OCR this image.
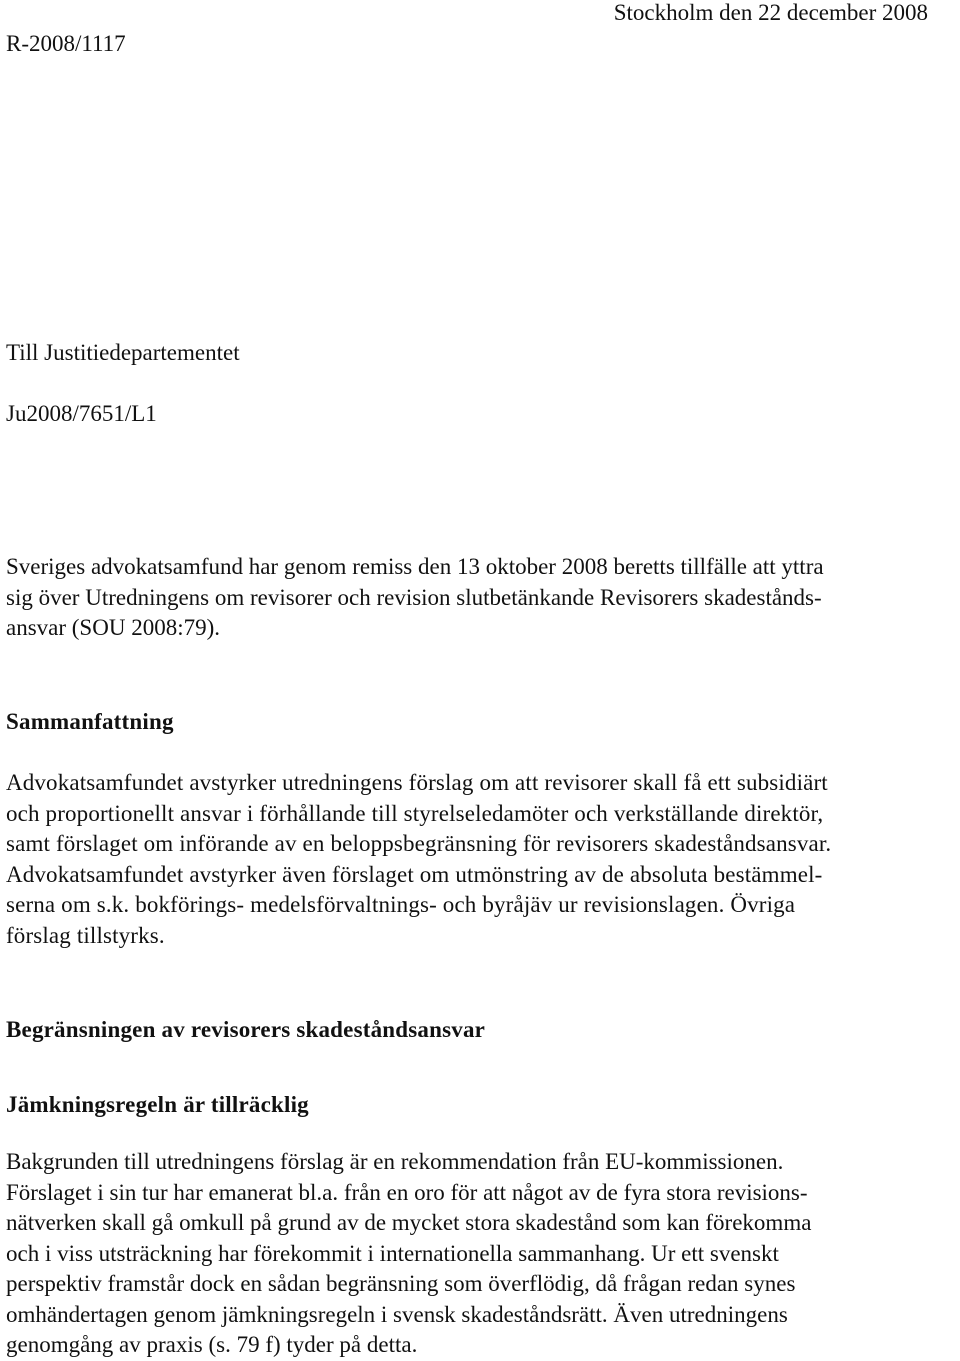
Stockholm den 22 december 2008

R-2008/1117

Till Justitiedepartementet

Ju2008/7651/L1

Sveriges advokatsamfund har genom remiss den 13 oktober 2008 beretts tillfälle att yttra
sig över Utredningens om revisorer och revision slutbetänkande Revisorers skadestånds-
ansvar (SOU 2008:79).
Sammanfattning
Advokatsamfundet avstyrker utredningens förslag om att revisorer skall få ett subsidiärt
och proportionellt ansvar i förhållande till styrelseledamöter och verkställande direktör,
samt förslaget om införande av en beloppsbegränsning för revisorers skadeståndsansvar.
Advokatsamfundet avstyrker även förslaget om utmönstring av de absoluta bestämmel-
serna om s.k. bokförings- medelsförvaltnings- och byråjäv ur revisionslagen. Övriga
förslag tillstyrks.
Begränsningen av revisorers skadeståndsansvar
Jämkningsregeln är tillräcklig
Bakgrunden till utredningens förslag är en rekommendation från EU-kommissionen.
Förslaget i sin tur har emanerat bl.a. från en oro för att något av de fyra stora revisions-
nätverken skall gå omkull på grund av de mycket stora skadestånd som kan förekomma
och i viss utsträckning har förekommit i internationella sammanhang. Ur ett svenskt
perspektiv framstår dock en sådan begränsning som överflödig, då frågan redan synes
omhändertagen genom jämkningsregeln i svensk skadeståndsrätt. Även utredningens
genomgång av praxis (s. 79 f) tyder på detta.
